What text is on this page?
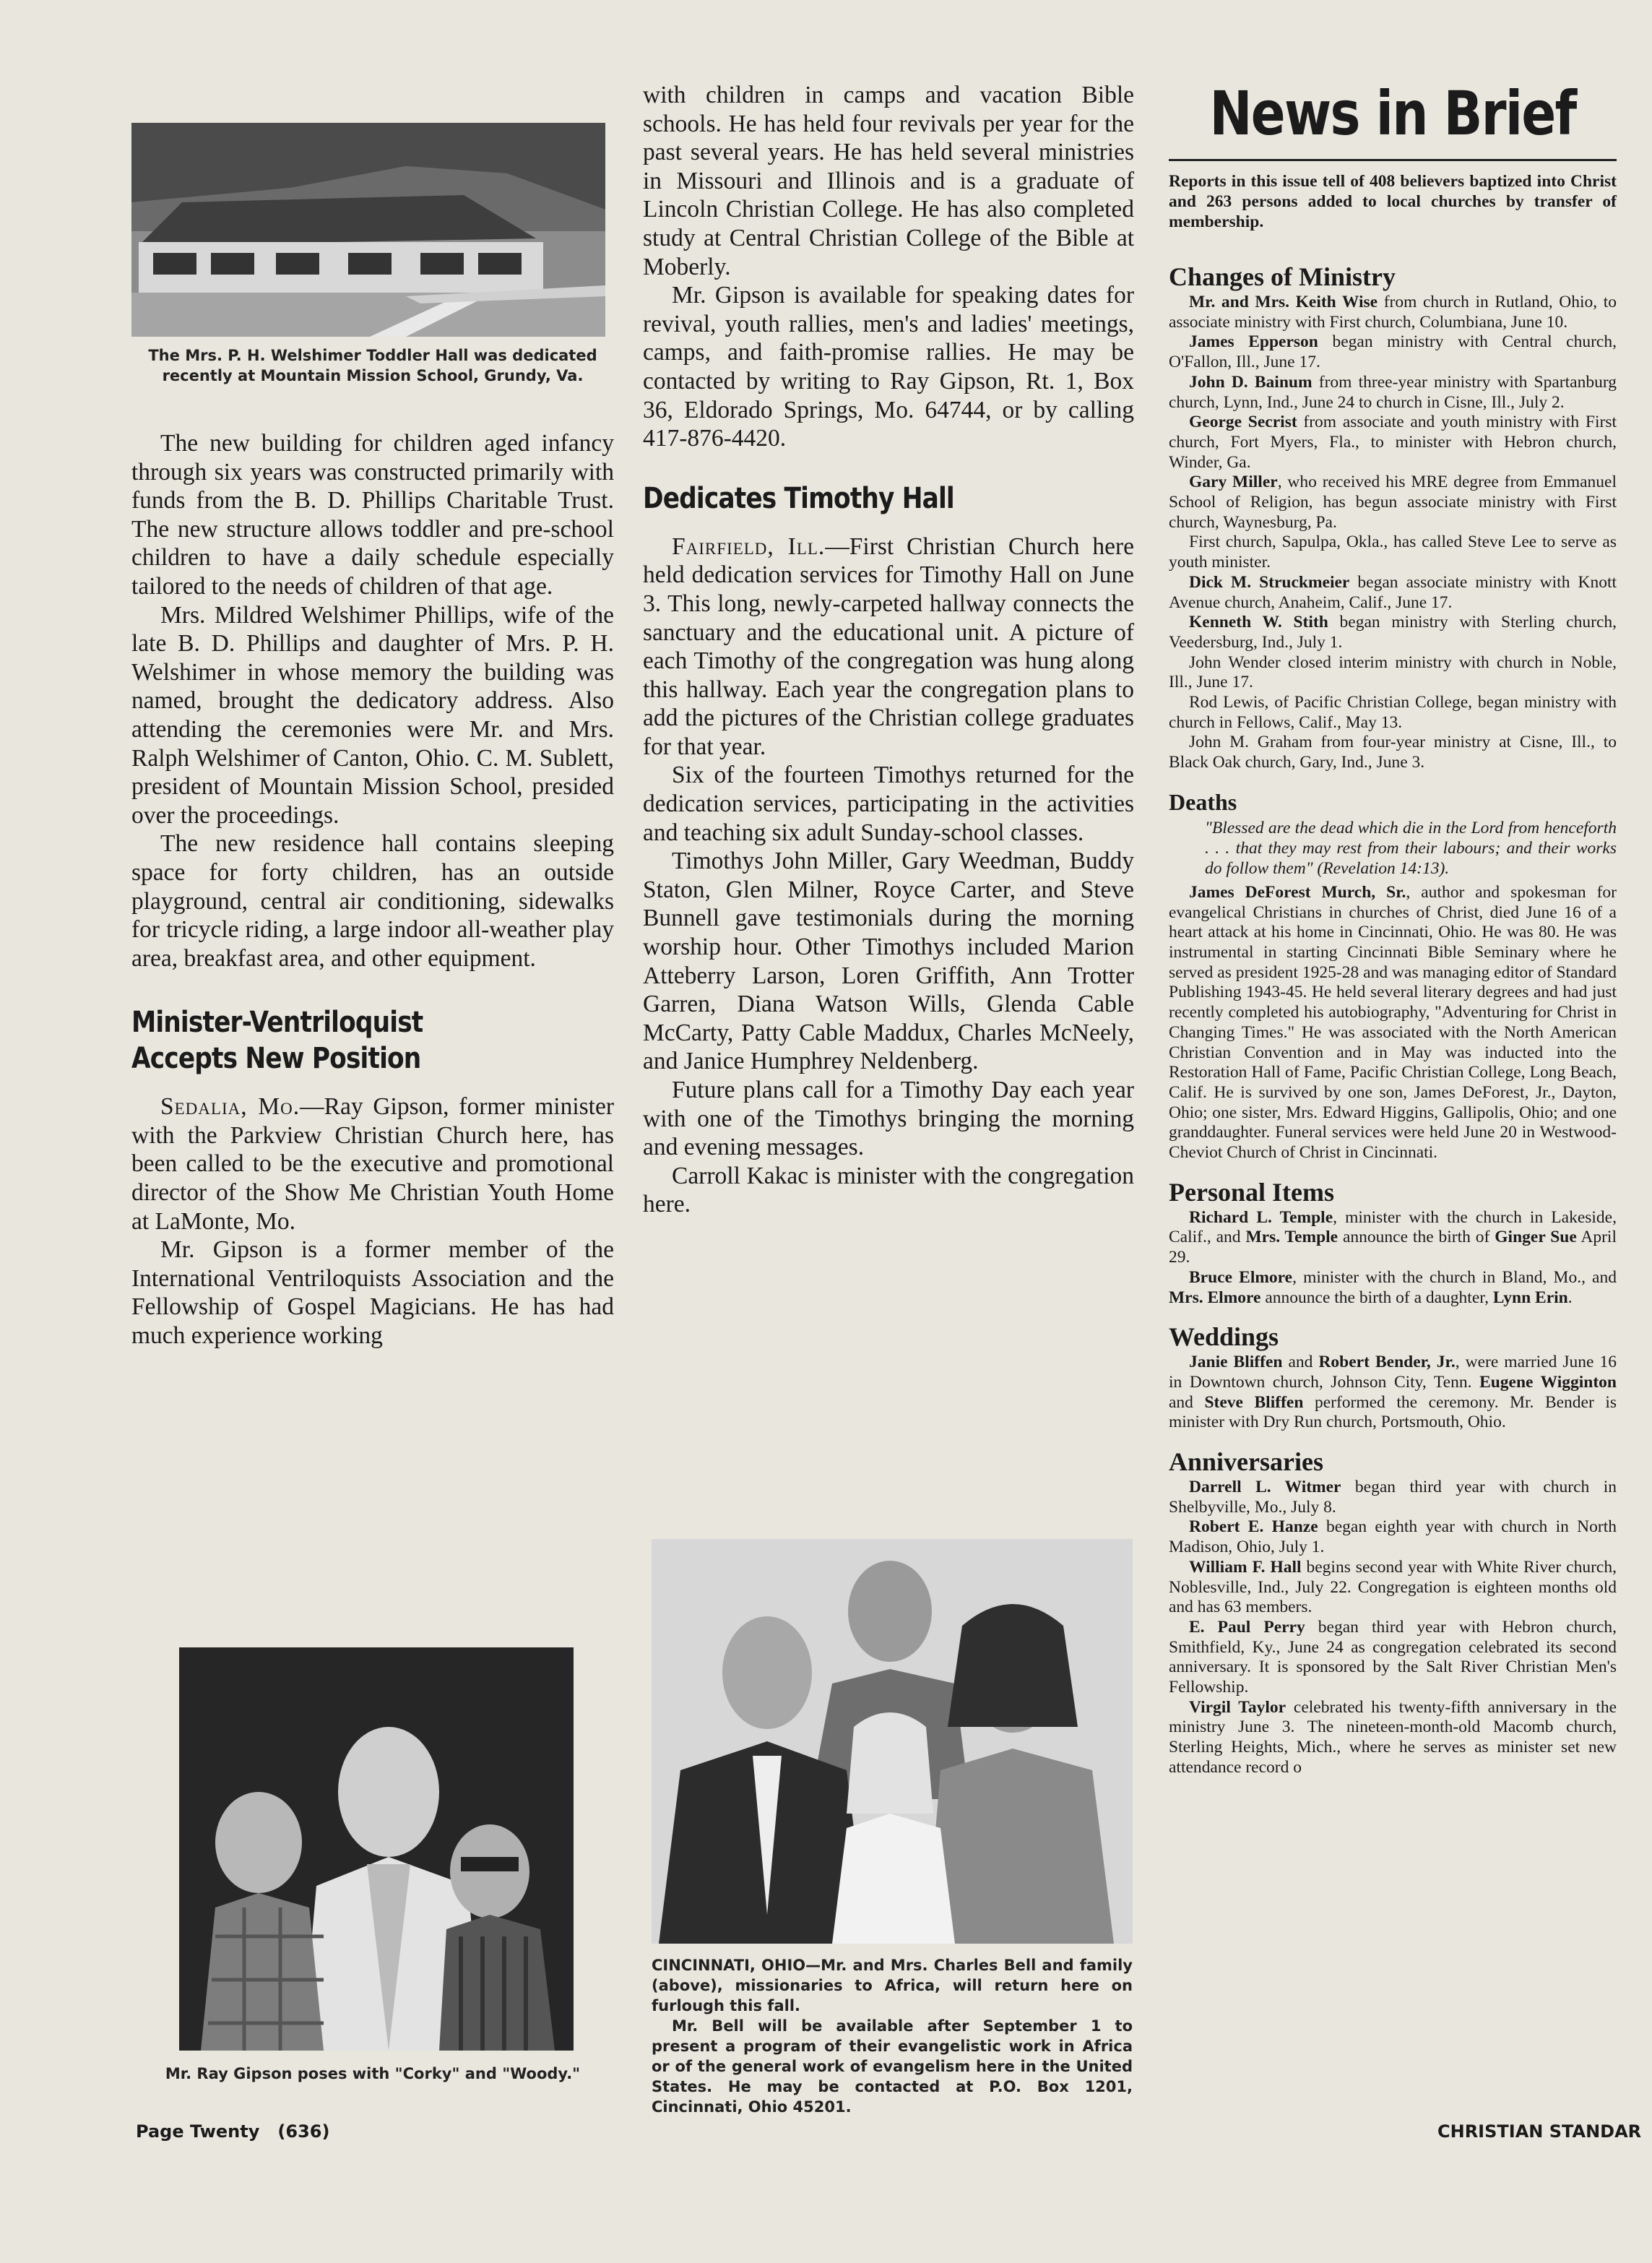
The Mrs. P. H. Welshimer Toddler Hall was dedicated recently at Mountain Mission School, Grundy, Va.

The new building for children aged infancy through six years was constructed primarily with funds from the B. D. Phillips Charitable Trust. The new structure allows toddler and pre-school children to have a daily schedule especially tailored to the needs of children of that age.

Mrs. Mildred Welshimer Phillips, wife of the late B. D. Phillips and daughter of Mrs. P. H. Welshimer in whose memory the building was named, brought the dedicatory address. Also attending the ceremonies were Mr. and Mrs. Ralph Welshimer of Canton, Ohio. C. M. Sublett, president of Mountain Mission School, presided over the proceedings.

The new residence hall contains sleeping space for forty children, has an outside playground, central air conditioning, sidewalks for tricycle riding, a large indoor all-weather play area, breakfast area, and other equipment.

Minister-Ventriloquist
Accepts New Position

Sedalia, Mo.—Ray Gipson, former minister with the Parkview Christian Church here, has been called to be the executive and promotional director of the Show Me Christian Youth Home at LaMonte, Mo.

Mr. Gipson is a former member of the International Ventriloquists Association and the Fellowship of Gospel Magicians. He has had much experience working

Mr. Ray Gipson poses with "Corky" and "Woody."

with children in camps and vacation Bible schools. He has held four revivals per year for the past several years. He has held several ministries in Missouri and Illinois and is a graduate of Lincoln Christian College. He has also completed study at Central Christian College of the Bible at Moberly.

Mr. Gipson is available for speaking dates for revival, youth rallies, men's and ladies' meetings, camps, and faith-promise rallies. He may be contacted by writing to Ray Gipson, Rt. 1, Box 36, Eldorado Springs, Mo. 64744, or by calling 417-876-4420.

Dedicates Timothy Hall

Fairfield, Ill.—First Christian Church here held dedication services for Timothy Hall on June 3. This long, newly-carpeted hallway connects the sanctuary and the educational unit. A picture of each Timothy of the congregation was hung along this hallway. Each year the congregation plans to add the pictures of the Christian college graduates for that year.

Six of the fourteen Timothys returned for the dedication services, participating in the activities and teaching six adult Sunday-school classes.

Timothys John Miller, Gary Weedman, Buddy Staton, Glen Milner, Royce Carter, and Steve Bunnell gave testimonials during the morning worship hour. Other Timothys included Marion Atteberry Larson, Loren Griffith, Ann Trotter Garren, Diana Watson Wills, Glenda Cable McCarty, Patty Cable Maddux, Charles McNeely, and Janice Humphrey Neldenberg.

Future plans call for a Timothy Day each year with one of the Timothys bringing the morning and evening messages.

Carroll Kakac is minister with the congregation here.

CINCINNATI, OHIO—Mr. and Mrs. Charles Bell and family (above), missionaries to Africa, will return here on furlough this fall.
Mr. Bell will be available after September 1 to present a program of their evangelistic work in Africa or of the general work of evangelism here in the United States. He may be contacted at P.O. Box 1201, Cincinnati, Ohio 45201.
News in Brief

Reports in this issue tell of 408 believers baptized into Christ and 263 persons added to local churches by transfer of membership.

Changes of Ministry

Mr. and Mrs. Keith Wise from church in Rutland, Ohio, to associate ministry with First church, Columbiana, June 10.

James Epperson began ministry with Central church, O'Fallon, Ill., June 17.

John D. Bainum from three-year ministry with Spartanburg church, Lynn, Ind., June 24 to church in Cisne, Ill., July 2.

George Secrist from associate and youth ministry with First church, Fort Myers, Fla., to minister with Hebron church, Winder, Ga.

Gary Miller, who received his MRE degree from Emmanuel School of Religion, has begun associate ministry with First church, Waynesburg, Pa.

First church, Sapulpa, Okla., has called Steve Lee to serve as youth minister.

Dick M. Struckmeier began associate ministry with Knott Avenue church, Anaheim, Calif., June 17.

Kenneth W. Stith began ministry with Sterling church, Veedersburg, Ind., July 1.

John Wender closed interim ministry with church in Noble, Ill., June 17.

Rod Lewis, of Pacific Christian College, began ministry with church in Fellows, Calif., May 13.

John M. Graham from four-year ministry at Cisne, Ill., to Black Oak church, Gary, Ind., June 3.

Deaths

"Blessed are the dead which die in the Lord from henceforth . . . that they may rest from their labours; and their works do follow them" (Revelation 14:13).

James DeForest Murch, Sr., author and spokesman for evangelical Christians in churches of Christ, died June 16 of a heart attack at his home in Cincinnati, Ohio. He was 80. He was instrumental in starting Cincinnati Bible Seminary where he served as president 1925-28 and was managing editor of Standard Publishing 1943-45. He held several literary degrees and had just recently completed his autobiography, "Adventuring for Christ in Changing Times." He was associated with the North American Christian Convention and in May was inducted into the Restoration Hall of Fame, Pacific Christian College, Long Beach, Calif. He is survived by one son, James DeForest, Jr., Dayton, Ohio; one sister, Mrs. Edward Higgins, Gallipolis, Ohio; and one granddaughter. Funeral services were held June 20 in Westwood-Cheviot Church of Christ in Cincinnati.

Personal Items

Richard L. Temple, minister with the church in Lakeside, Calif., and Mrs. Temple announce the birth of Ginger Sue April 29.

Bruce Elmore, minister with the church in Bland, Mo., and Mrs. Elmore announce the birth of a daughter, Lynn Erin.

Weddings

Janie Bliffen and Robert Bender, Jr., were married June 16 in Downtown church, Johnson City, Tenn. Eugene Wigginton and Steve Bliffen performed the ceremony. Mr. Bender is minister with Dry Run church, Portsmouth, Ohio.

Anniversaries

Darrell L. Witmer began third year with church in Shelbyville, Mo., July 8.

Robert E. Hanze began eighth year with church in North Madison, Ohio, July 1.

William F. Hall begins second year with White River church, Noblesville, Ind., July 22. Congregation is eighteen months old and has 63 members.

E. Paul Perry began third year with Hebron church, Smithfield, Ky., June 24 as congregation celebrated its second anniversary. It is sponsored by the Salt River Christian Men's Fellowship.

Virgil Taylor celebrated his twenty-fifth anniversary in the ministry June 3. The nineteen-month-old Macomb church, Sterling Heights, Mich., where he serves as minister set new attendance record o

Page Twenty   (636)	CHRISTIAN STANDAR
